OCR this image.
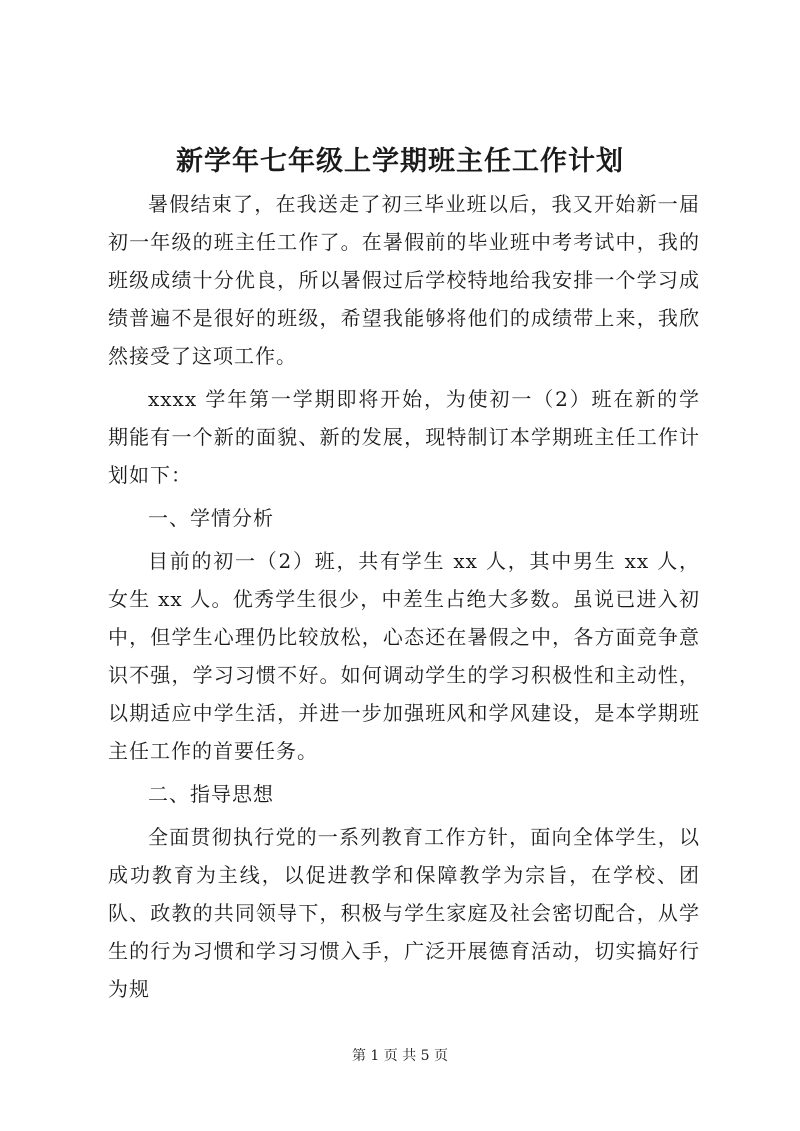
新学年七年级上学期班主任工作计划

暑假结束了，在我送走了初三毕业班以后，我又开始新一届初一年级的班主任工作了。在暑假前的毕业班中考考试中，我的班级成绩十分优良，所以暑假过后学校特地给我安排一个学习成绩普遍不是很好的班级，希望我能够将他们的成绩带上来，我欣然接受了这项工作。

xxxx 学年第一学期即将开始，为使初一（2）班在新的学期能有一个新的面貌、新的发展，现特制订本学期班主任工作计划如下：

一、学情分析

目前的初一（2）班，共有学生 xx 人，其中男生 xx 人，女生 xx 人。优秀学生很少，中差生占绝大多数。虽说已进入初中，但学生心理仍比较放松，心态还在暑假之中，各方面竞争意识不强，学习习惯不好。如何调动学生的学习积极性和主动性，以期适应中学生活，并进一步加强班风和学风建设，是本学期班主任工作的首要任务。

二、指导思想

全面贯彻执行党的一系列教育工作方针，面向全体学生，以成功教育为主线，以促进教学和保障教学为宗旨，在学校、团队、政教的共同领导下，积极与学生家庭及社会密切配合，从学生的行为习惯和学习习惯入手，广泛开展德育活动，切实搞好行为规

第 1 页 共 5 页
